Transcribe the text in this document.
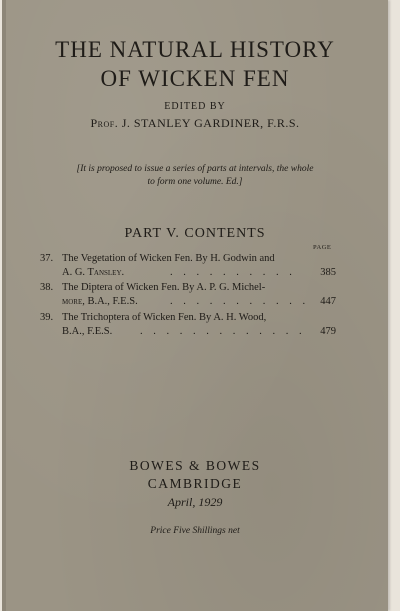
THE NATURAL HISTORY
OF WICKEN FEN
EDITED BY
Prof. J. STANLEY GARDINER, F.R.S.
[It is proposed to issue a series of parts at intervals, the whole
to form one volume. Ed.]
PART V. CONTENTS
PAGE
37. The Vegetation of Wicken Fen. By H. Godwin and
A. G. Tansley.	. . . . . . . . . . 385
38. The Diptera of Wicken Fen. By A. P. G. Michel-
more, B.A., F.E.S.	. . . . . . . . . . . 447
39. The Trichoptera of Wicken Fen. By A. H. Wood,
B.A., F.E.S.	. . . . . . . . . . . . . 479
BOWES & BOWES
CAMBRIDGE
April, 1929
Price Five Shillings net
